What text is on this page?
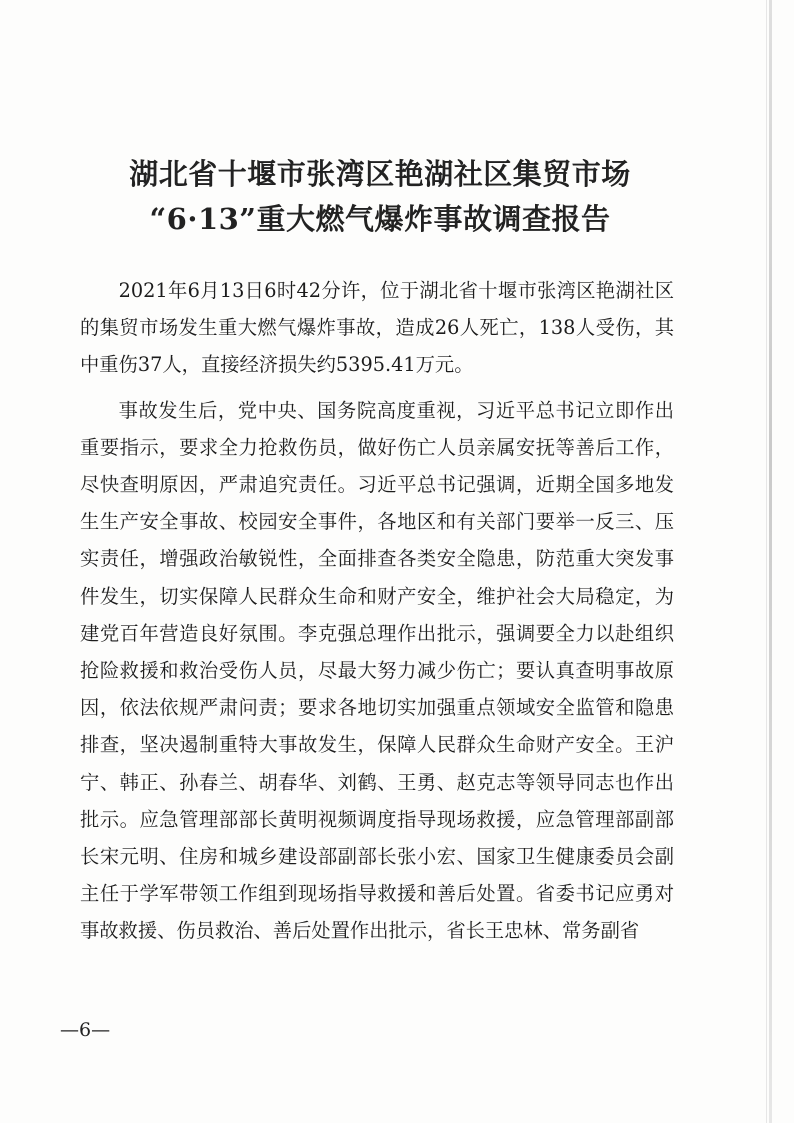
湖北省十堰市张湾区艳湖社区集贸市场
“6·13”重大燃气爆炸事故调查报告

2021年6月13日6时42分许，位于湖北省十堰市张湾区艳湖社区的集贸市场发生重大燃气爆炸事故，造成26人死亡，138人受伤，其中重伤37人，直接经济损失约5395.41万元。

事故发生后，党中央、国务院高度重视，习近平总书记立即作出重要指示，要求全力抢救伤员，做好伤亡人员亲属安抚等善后工作，尽快查明原因，严肃追究责任。习近平总书记强调，近期全国多地发生生产安全事故、校园安全事件，各地区和有关部门要举一反三、压实责任，增强政治敏锐性，全面排查各类安全隐患，防范重大突发事件发生，切实保障人民群众生命和财产安全，维护社会大局稳定，为建党百年营造良好氛围。李克强总理作出批示，强调要全力以赴组织抢险救援和救治受伤人员，尽最大努力减少伤亡；要认真查明事故原因，依法依规严肃问责；要求各地切实加强重点领域安全监管和隐患排查，坚决遏制重特大事故发生，保障人民群众生命财产安全。王沪宁、韩正、孙春兰、胡春华、刘鹤、王勇、赵克志等领导同志也作出批示。应急管理部部长黄明视频调度指导现场救援，应急管理部副部长宋元明、住房和城乡建设部副部长张小宏、国家卫生健康委员会副主任于学军带领工作组到现场指导救援和善后处置。省委书记应勇对事故救援、伤员救治、善后处置作出批示，省长王忠林、常务副省

—6—
